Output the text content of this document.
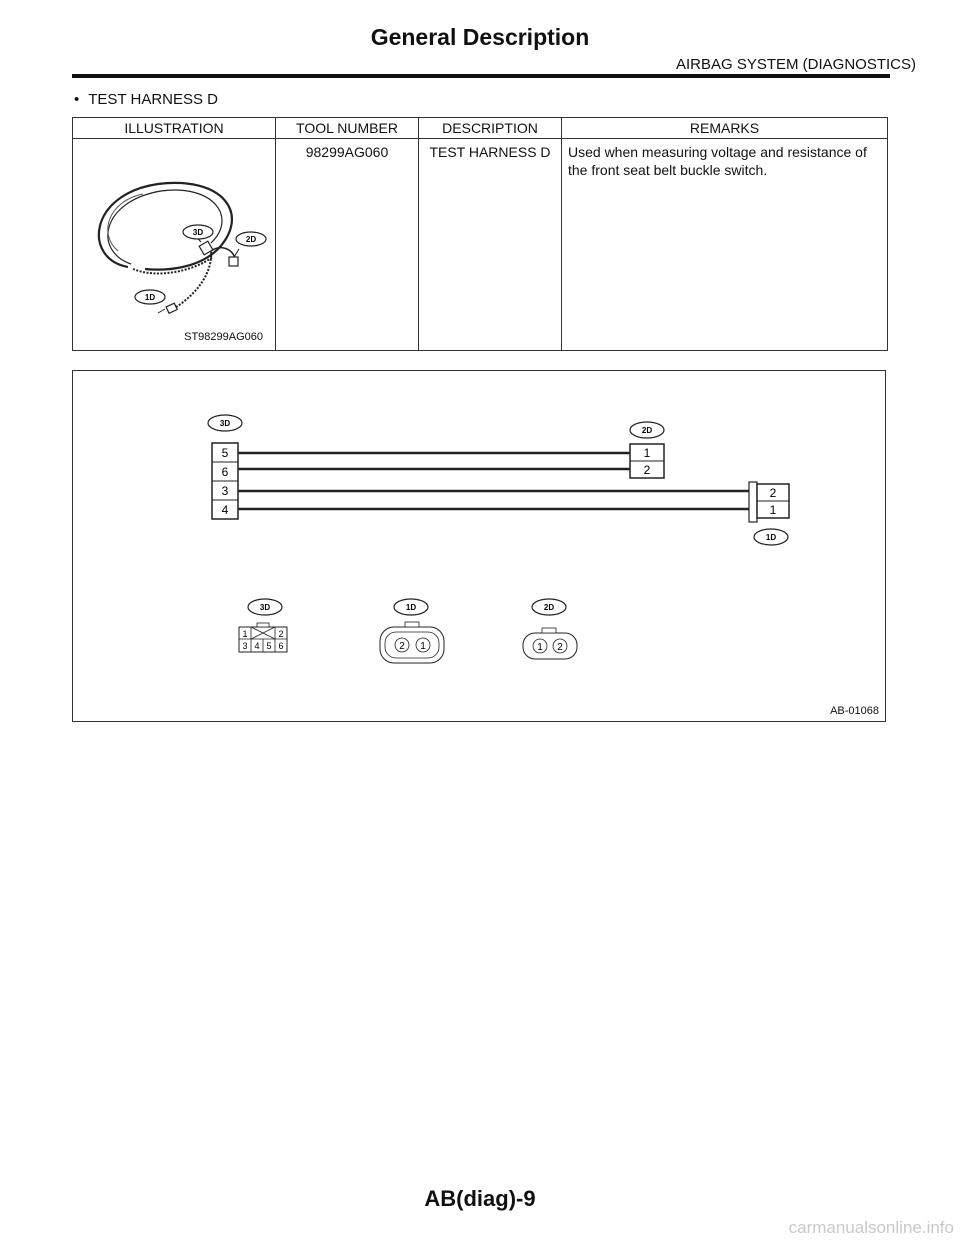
General Description
AIRBAG SYSTEM (DIAGNOSTICS)
• TEST HARNESS D
ILLUSTRATION	TOOL NUMBER	DESCRIPTION	REMARKS

3D
2D
1D
ST98299AG060	98299AG060	TEST HARNESS D	Used when measuring voltage and resistance of the front seat belt buckle switch.
3D
2D
1D
5
6
3
4
1
2
2
1
3D
1	2
3 4 5 6
1D
2 1
2D
1 2
AB-01068
AB(diag)-9
carmanualsonline.info
